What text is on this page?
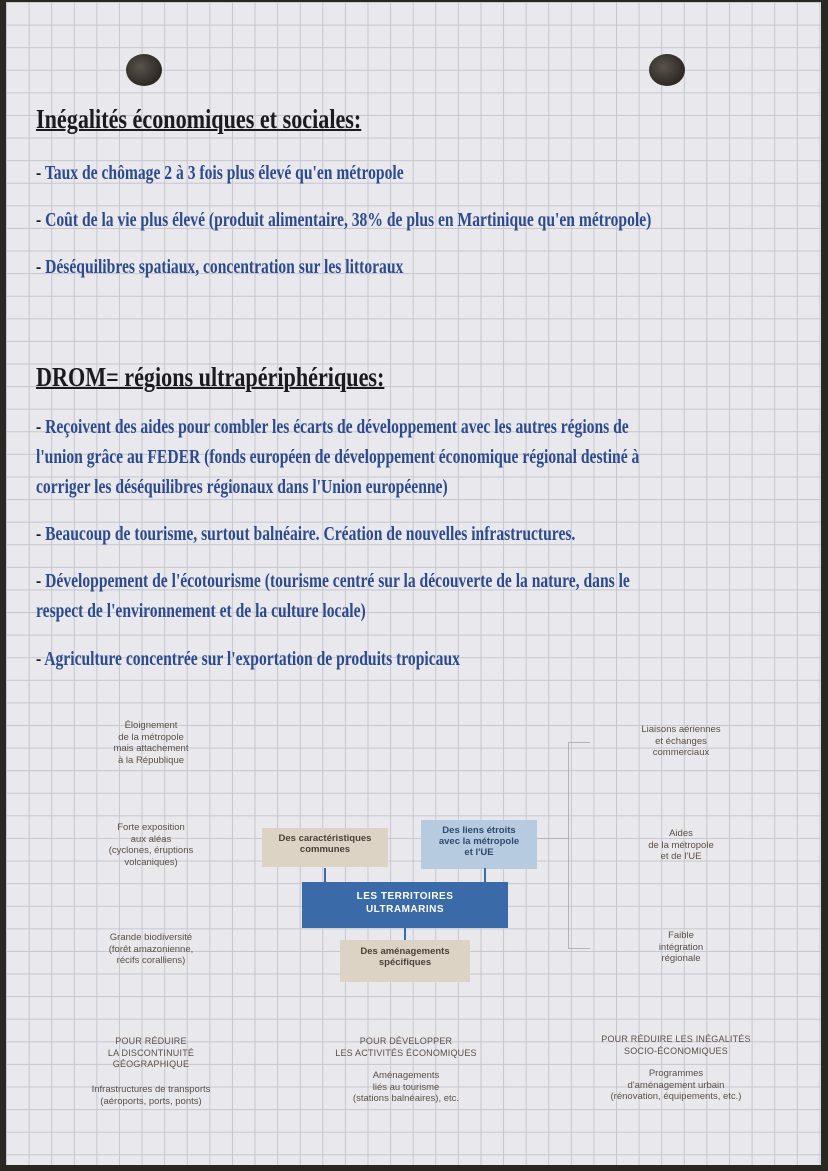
Inégalités économiques et sociales:
- Taux de chômage 2 à 3 fois plus élevé qu'en métropole
- Coût de la vie plus élevé (produit alimentaire, 38% de plus en Martinique qu'en métropole)
- Déséquilibres spatiaux, concentration sur les littoraux
DROM= régions ultrapériphériques:
- Reçoivent des aides pour combler les écarts de développement avec les autres régions de
l'union grâce au FEDER (fonds européen de développement économique régional destiné à
corriger les déséquilibres régionaux dans l'Union européenne)
- Beaucoup de tourisme, surtout balnéaire. Création de nouvelles infrastructures.
- Développement de l'écotourisme (tourisme centré sur la découverte de la nature, dans le
respect de l'environnement et de la culture locale)
- Agriculture concentrée sur l'exportation de produits tropicaux
Éloignement
de la métropole
mais attachement
à la République
Forte exposition
aux aléas
(cyclones, éruptions
volcaniques)
Grande biodiversité
(forêt amazonienne,
récifs coralliens)
Liaisons aériennes
et échanges
commerciaux
Aides
de la métropole
et de l'UE
Faible
intégration
régionale
Des caractéristiques
communes
Des liens étroits
avec la métropole
et l'UE
LES TERRITOIRES
ULTRAMARINS
Des aménagements
spécifiques
POUR RÉDUIRE
LA DISCONTINUITÉ
GÉOGRAPHIQUE
Infrastructures de transports
(aéroports, ports, ponts)
POUR DÉVELOPPER
LES ACTIVITÉS ÉCONOMIQUES
Aménagements
liés au tourisme
(stations balnéaires), etc.
POUR RÉDUIRE LES INÉGALITÉS
SOCIO-ÉCONOMIQUES
Programmes
d'aménagement urbain
(rénovation, équipements, etc.)
